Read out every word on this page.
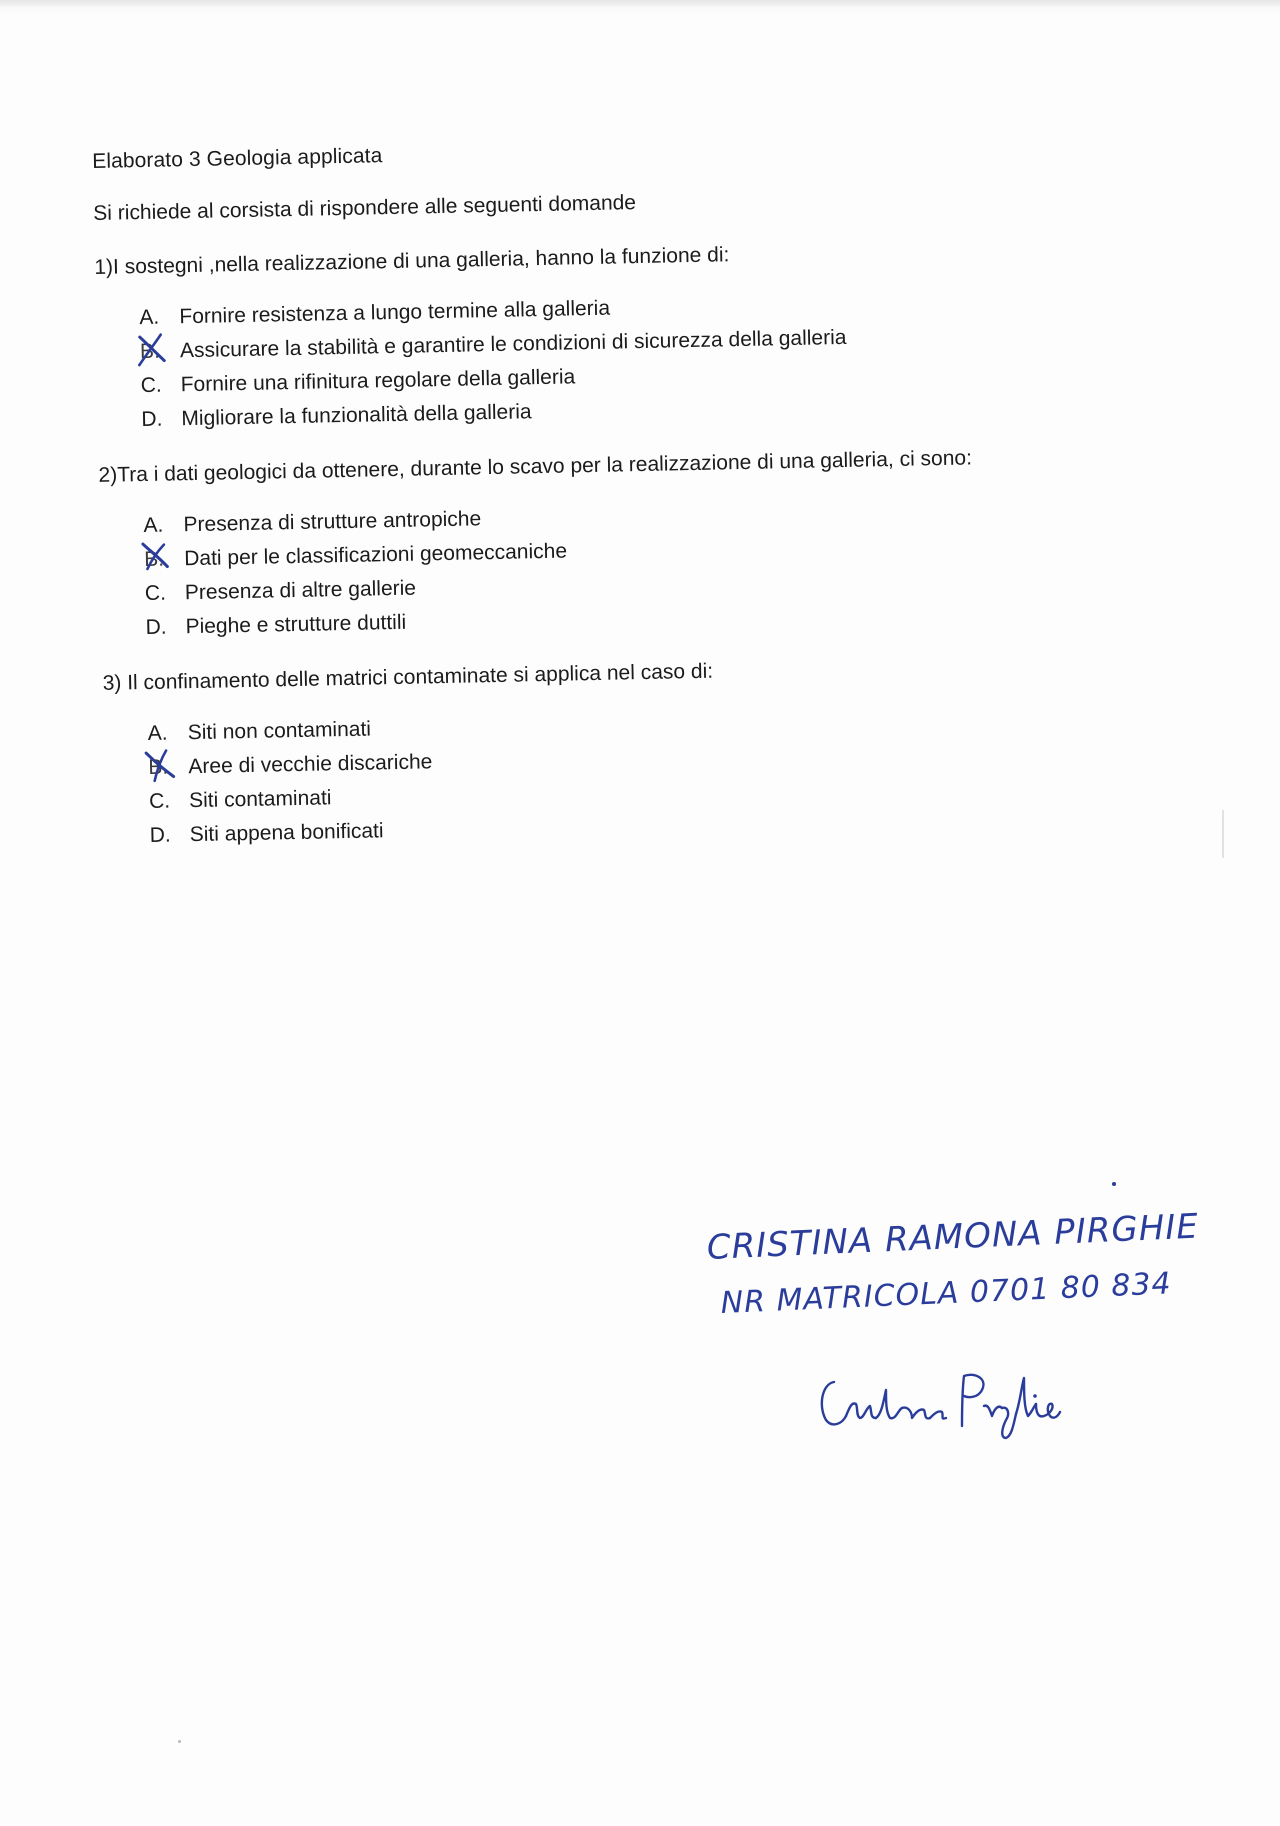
Elaborato 3 Geologia applicata
Si richiede al corsista di rispondere alle seguenti domande
1)I sostegni ,nella realizzazione di una galleria, hanno la funzione di:
A. Fornire resistenza a lungo termine alla galleria
B. Assicurare la stabilità e garantire le condizioni di sicurezza della galleria
C. Fornire una rifinitura regolare della galleria
D. Migliorare la funzionalità della galleria
2)Tra i dati geologici da ottenere, durante lo scavo per la realizzazione di una galleria, ci sono:
A. Presenza di strutture antropiche
B. Dati per le classificazioni geomeccaniche
C. Presenza di altre gallerie
D. Pieghe e strutture duttili
3) Il confinamento delle matrici contaminate si applica nel caso di:
A. Siti non contaminati
B. Aree di vecchie discariche
C. Siti contaminati
D. Siti appena bonificati
CRISTINA RAMONA PIRGHIE
NR MATRICOLA 0701 80 834
